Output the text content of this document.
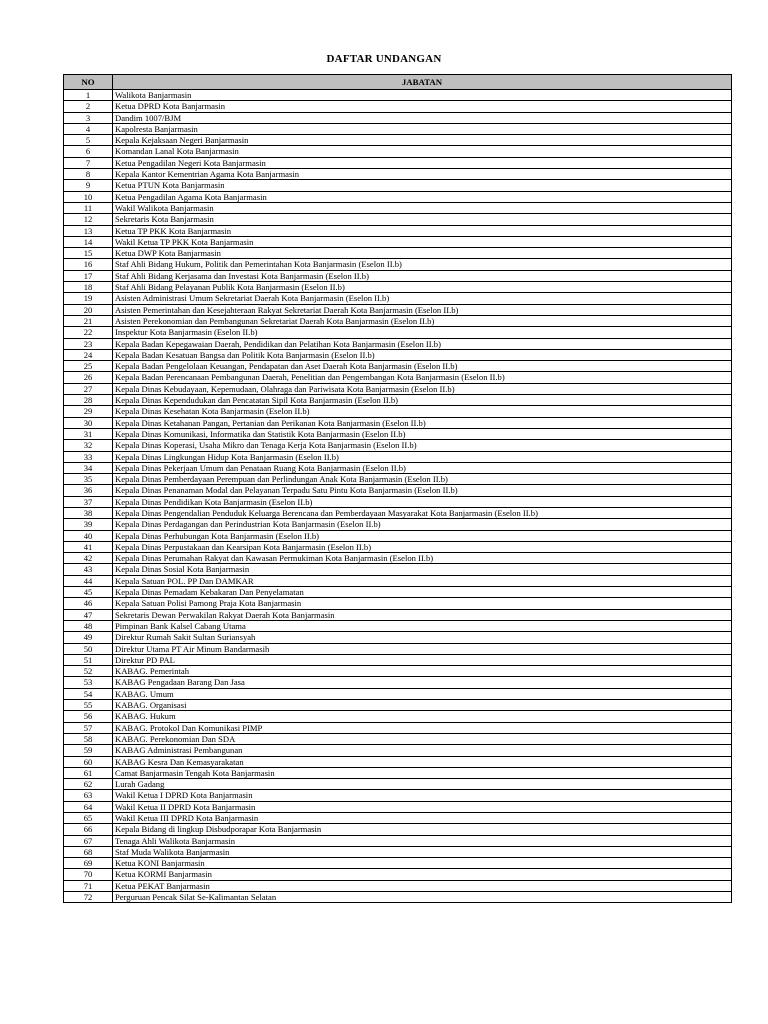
DAFTAR UNDANGAN
NO	JABATAN
1	Walikota Banjarmasin
2	Ketua DPRD Kota Banjarmasin
3	Dandim 1007/BJM
4	Kapolresta Banjarmasin
5	Kepala Kejaksaan Negeri Banjarmasin
6	Komandan Lanal Kota Banjarmasin
7	Ketua Pengadilan Negeri Kota Banjarmasin
8	Kepala Kantor Kementrian Agama Kota Banjarmasin
9	Ketua PTUN Kota Banjarmasin
10	Ketua Pengadilan Agama Kota Banjarmasin
11	Wakil Walikota Banjarmasin
12	Sekretaris Kota Banjarmasin
13	Ketua TP PKK Kota Banjarmasin
14	Wakil Ketua TP PKK Kota Banjarmasin
15	Ketua DWP Kota Banjarmasin
16	Staf Ahli Bidang Hukum, Politik dan Pemerintahan Kota Banjarmasin (Eselon II.b)
17	Staf Ahli Bidang Kerjasama dan Investasi Kota Banjarmasin (Eselon II.b)
18	Staf Ahli Bidang Pelayanan Publik Kota Banjarmasin (Eselon II.b)
19	Asisten Administrasi Umum Sekretariat Daerah Kota Banjarmasin (Eselon II.b)
20	Asisten Pemerintahan dan Kesejahteraan Rakyat Sekretariat Daerah Kota Banjarmasin (Eselon II.b)
21	Asisten Perekonomian dan Pembangunan Sekretariat Daerah Kota Banjarmasin (Eselon II.b)
22	Inspektur Kota Banjarmasin (Eselon II.b)
23	Kepala Badan Kepegawaian Daerah, Pendidikan dan Pelatihan Kota Banjarmasin (Eselon II.b)
24	Kepala Badan Kesatuan Bangsa dan Politik Kota Banjarmasin (Eselon II.b)
25	Kepala Badan Pengelolaan Keuangan, Pendapatan dan Aset Daerah Kota Banjarmasin (Eselon II.b)
26	Kepala Badan Perencanaan Pembangunan Daerah, Penelitian dan Pengembangan Kota Banjarmasin (Eselon II.b)
27	Kepala Dinas Kebudayaan, Kepemudaan, Olahraga dan Pariwisata Kota Banjarmasin (Eselon II.b)
28	Kepala Dinas Kependudukan dan Pencatatan Sipil Kota Banjarmasin (Eselon II.b)
29	Kepala Dinas Kesehatan Kota Banjarmasin (Eselon II.b)
30	Kepala Dinas Ketahanan Pangan, Pertanian dan Perikanan Kota Banjarmasin (Eselon II.b)
31	Kepala Dinas Komunikasi, Informatika dan Statistik Kota Banjarmasin (Eselon II.b)
32	Kepala Dinas Koperasi, Usaha Mikro dan Tenaga Kerja Kota Banjarmasin (Eselon II.b)
33	Kepala Dinas Lingkungan Hidup Kota Banjarmasin (Eselon II.b)
34	Kepala Dinas Pekerjaan Umum dan Penataan Ruang Kota Banjarmasin (Eselon II.b)
35	Kepala Dinas Pemberdayaan Perempuan dan Perlindungan Anak Kota Banjarmasin (Eselon II.b)
36	Kepala Dinas Penanaman Modal dan Pelayanan Terpadu Satu Pintu Kota Banjarmasin (Eselon II.b)
37	Kepala Dinas Pendidikan Kota Banjarmasin (Eselon II.b)
38	Kepala Dinas Pengendalian Penduduk Keluarga Berencana dan Pemberdayaan Masyarakat Kota Banjarmasin (Eselon II.b)
39	Kepala Dinas Perdagangan dan Perindustrian Kota Banjarmasin (Eselon II.b)
40	Kepala Dinas Perhubungan Kota Banjarmasin (Eselon II.b)
41	Kepala Dinas Perpustakaan dan Kearsipan Kota Banjarmasin (Eselon II.b)
42	Kepala Dinas Perumahan Rakyat dan Kawasan Permukiman Kota Banjarmasin (Eselon II.b)
43	Kepala Dinas Sosial Kota Banjarmasin
44	Kepala Satuan POL. PP Dan DAMKAR
45	Kepala Dinas Pemadam Kebakaran Dan Penyelamatan
46	Kepala Satuan Polisi Pamong Praja Kota Banjarmasin
47	Sekretaris Dewan Perwakilan Rakyat Daerah Kota Banjarmasin
48	Pimpinan Bank Kalsel Cabang Utama
49	Direktur Rumah Sakit Sultan Suriansyah
50	Direktur Utama PT Air Minum Bandarmasih
51	Direktur PD PAL
52	KABAG. Pemerintah
53	KABAG Pengadaan Barang Dan Jasa
54	KABAG. Umum
55	KABAG. Organisasi
56	KABAG. Hukum
57	KABAG. Protokol Dan Komunikasi PIMP
58	KABAG. Perekonomian Dan SDA
59	KABAG Administrasi Pembangunan
60	KABAG Kesra Dan Kemasyarakatan
61	Camat Banjarmasin Tengah Kota Banjarmasin
62	Lurah Gadang
63	Wakil Ketua I DPRD Kota Banjarmasin
64	Wakil Ketua II DPRD Kota Banjarmasin
65	Wakil Ketua III DPRD Kota Banjarmasin
66	Kepala Bidang di lingkup Disbudporapar Kota Banjarmasin
67	Tenaga Ahli Walikota Banjarmasin
68	Staf Muda Walikota Banjarmasin
69	Ketua KONI Banjarmasin
70	Ketua KORMI Banjarmasin
71	Ketua PEKAT Banjarmasin
72	Perguruan Pencak Silat Se-Kalimantan Selatan
